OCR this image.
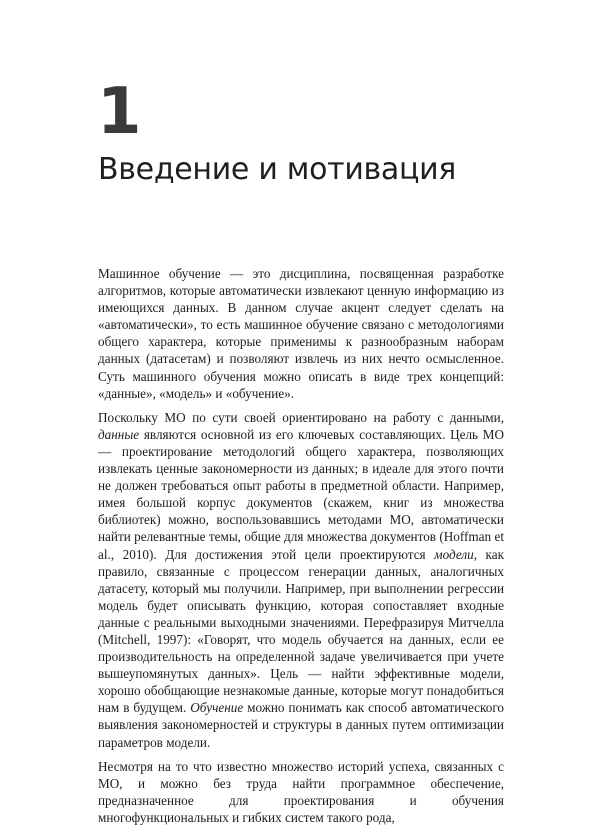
1
Введение и мотивация

Машинное обучение — это дисциплина, посвященная разработке алгоритмов, которые автоматически извлекают ценную информацию из имеющихся данных. В данном случае акцент следует сделать на «автоматически», то есть машинное обучение связано с методологиями общего характера, которые применимы к разнообразным наборам данных (датасетам) и позволяют извлечь из них нечто осмысленное. Суть машинного обучения можно описать в виде трех концепций: «данные», «модель» и «обучение».

Поскольку МО по сути своей ориентировано на работу с данными, данные являются основной из его ключевых составляющих. Цель МО — проектирование методологий общего характера, позволяющих извлекать ценные закономерности из данных; в идеале для этого почти не должен требоваться опыт работы в предметной области. Например, имея большой корпус документов (скажем, книг из множества библиотек) можно, воспользовавшись методами МО, автоматически найти релевантные темы, общие для множества документов (Hoffman et al., 2010). Для достижения этой цели проектируются модели, как правило, связанные с процессом генерации данных, аналогичных датасету, который мы получили. Например, при выполнении регрессии модель будет описывать функцию, которая сопоставляет входные данные с реальными выходными значениями. Перефразируя Митчелла (Mitchell, 1997): «Говорят, что модель обучается на данных, если ее производительность на определенной задаче увеличивается при учете вышеупомянутых данных». Цель — найти эффективные модели, хорошо обобщающие незнакомые данные, которые могут понадобиться нам в будущем. Обучение можно понимать как способ автоматического выявления закономерностей и структуры в данных путем оптимизации параметров модели.

Несмотря на то что известно множество историй успеха, связанных с МО, и можно без труда найти программное обеспечение, предназначенное для проектирования и обучения многофункциональных и гибких систем такого рода,
